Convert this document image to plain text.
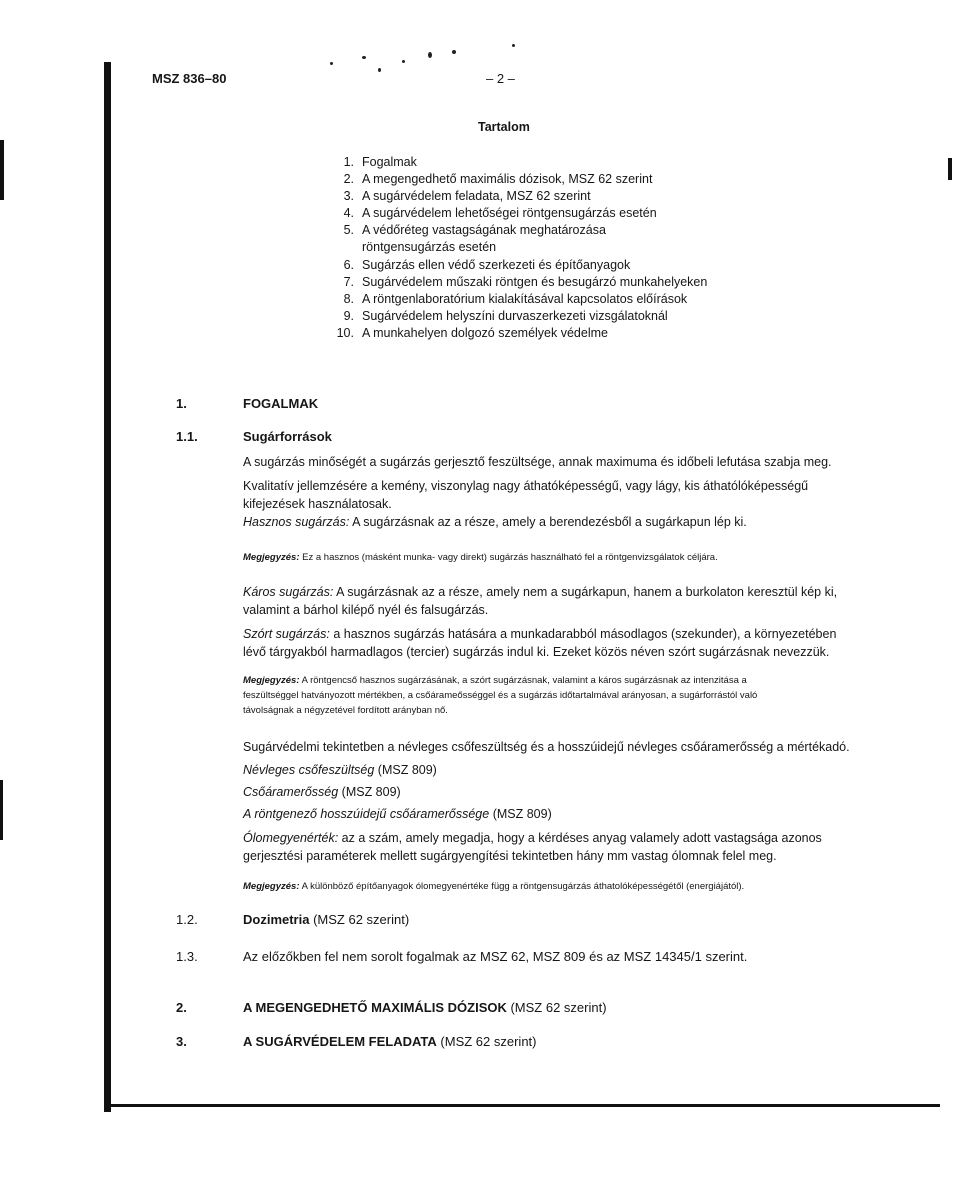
MSZ 836–80	– 2 –
Tartalom
1. Fogalmak
2. A megengedhető maximális dózisok, MSZ 62 szerint
3. A sugárvédelem feladata, MSZ 62 szerint
4. A sugárvédelem lehetőségei röntgensugárzás esetén
5. A védőréteg vastagságának meghatározása
röntgensugárzás esetén
6. Sugárzás ellen védő szerkezeti és építőanyagok
7. Sugárvédelem műszaki röntgen és besugárzó munkahelyeken
8. A röntgenlaboratórium kialakításával kapcsolatos előírások
9. Sugárvédelem helyszíni durvaszerkezeti vizsgálatoknál
10. A munkahelyen dolgozó személyek védelme
1.	FOGALMAK
1.1.	Sugárforrások
A sugárzás minőségét a sugárzás gerjesztő feszültsége, annak maximuma és időbeli lefutása szabja meg.
Kvalitatív jellemzésére a kemény, viszonylag nagy áthatóképességű, vagy lágy, kis áthatólóképességű
kifejezések használatosak.
Hasznos sugárzás: A sugárzásnak az a része, amely a berendezésből a sugárkapun lép ki.
Megjegyzés: Ez a hasznos (másként munka- vagy direkt) sugárzás használható fel a röntgenvizsgálatok céljára.
Káros sugárzás: A sugárzásnak az a része, amely nem a sugárkapun, hanem a burkolaton keresztül kép ki,
valamint a bárhol kilépő nyél és falsugárzás.
Szórt sugárzás: a hasznos sugárzás hatására a munkadarabból másodlagos (szekunder), a környezetében
lévő tárgyakból harmadlagos (tercier) sugárzás indul ki. Ezeket közös néven szórt sugárzásnak nevezzük.
Megjegyzés: A röntgencső hasznos sugárzásának, a szórt sugárzásnak, valamint a káros sugárzásnak az intenzitása a
feszültséggel hatványozott mértékben, a csőárameősséggel és a sugárzás időtartalmával arányosan, a sugárforrástól való
távolságnak a négyzetével fordított arányban nő.
Sugárvédelmi tekintetben a névleges csőfeszültség és a hosszúidejű névleges csőáramerősség a mértékadó.
Névleges csőfeszültség (MSZ 809)
Csőáramerősség (MSZ 809)
A röntgenező hosszúidejű csőáramerőssége (MSZ 809)
Ólomegyenérték: az a szám, amely megadja, hogy a kérdéses anyag valamely adott vastagsága azonos
gerjesztési paraméterek mellett sugárgyengítési tekintetben hány mm vastag ólomnak felel meg.
Megjegyzés: A különböző építőanyagok ólomegyenértéke függ a röntgensugárzás áthatolóképességétől (energiájától).
1.2.	Dozimetria (MSZ 62 szerint)
1.3.	Az előzőkben fel nem sorolt fogalmak az MSZ 62, MSZ 809 és az MSZ 14345/1 szerint.
2.	A MEGENGEDHETŐ MAXIMÁLIS DÓZISOK (MSZ 62 szerint)
3.	A SUGÁRVÉDELEM FELADATA (MSZ 62 szerint)
